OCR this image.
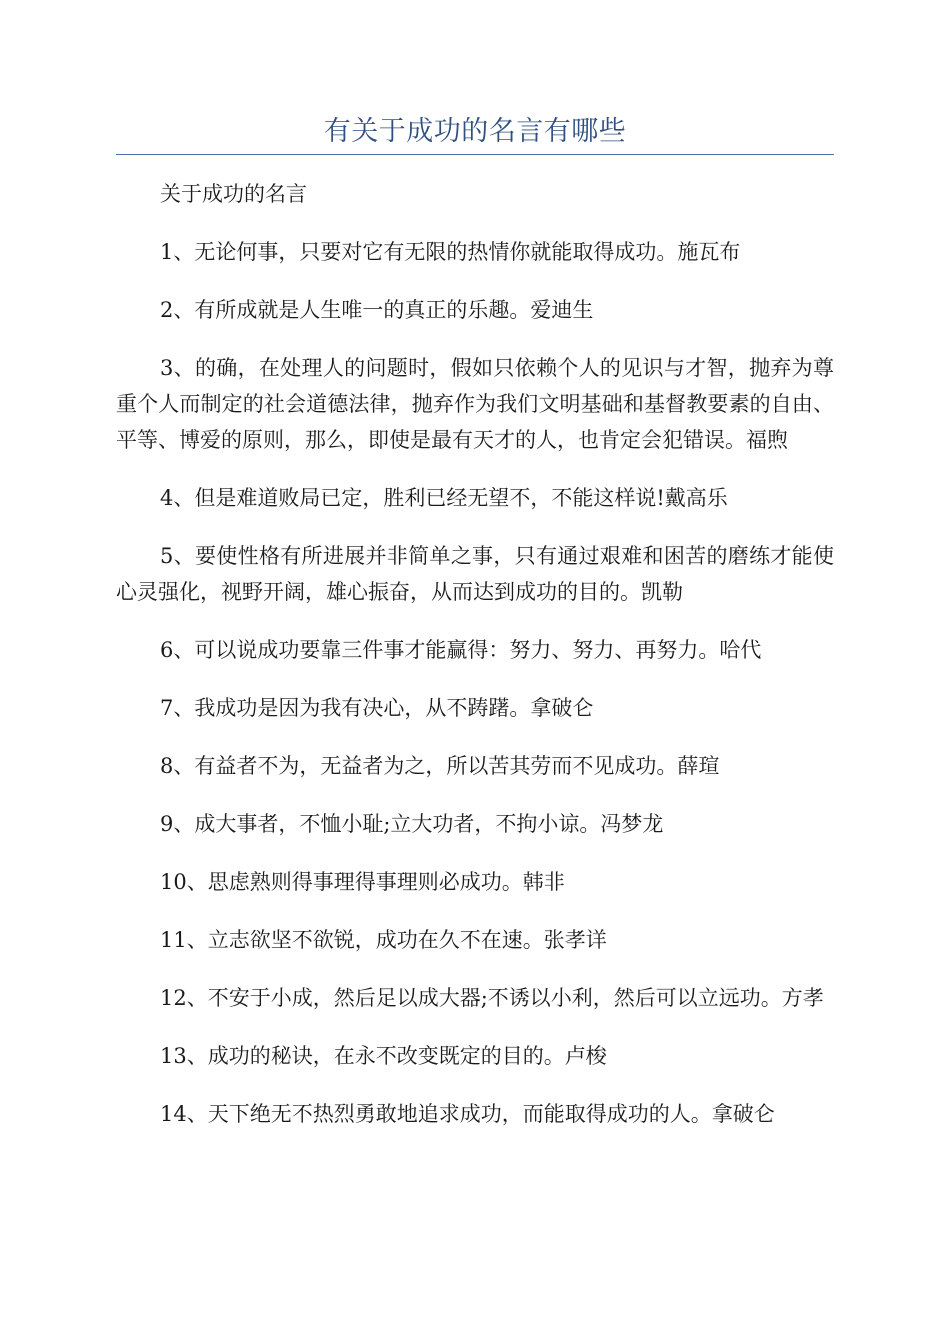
有关于成功的名言有哪些

关于成功的名言

1、无论何事，只要对它有无限的热情你就能取得成功。施瓦布

2、有所成就是人生唯一的真正的乐趣。爱迪生

3、的确，在处理人的问题时，假如只依赖个人的见识与才智，抛弃为尊重个人而制定的社会道德法律，抛弃作为我们文明基础和基督教要素的自由、平等、博爱的原则，那么，即使是最有天才的人，也肯定会犯错误。福煦

4、但是难道败局已定，胜利已经无望不，不能这样说!戴高乐

5、要使性格有所进展并非简单之事，只有通过艰难和困苦的磨练才能使心灵强化，视野开阔，雄心振奋，从而达到成功的目的。凯勒

6、可以说成功要靠三件事才能赢得：努力、努力、再努力。哈代

7、我成功是因为我有决心，从不踌躇。拿破仑

8、有益者不为，无益者为之，所以苦其劳而不见成功。薛瑄

9、成大事者，不恤小耻;立大功者，不拘小谅。冯梦龙

10、思虑熟则得事理得事理则必成功。韩非

11、立志欲坚不欲锐，成功在久不在速。张孝详

12、不安于小成，然后足以成大器;不诱以小利，然后可以立远功。方孝

13、成功的秘诀，在永不改变既定的目的。卢梭

14、天下绝无不热烈勇敢地追求成功，而能取得成功的人。拿破仑
